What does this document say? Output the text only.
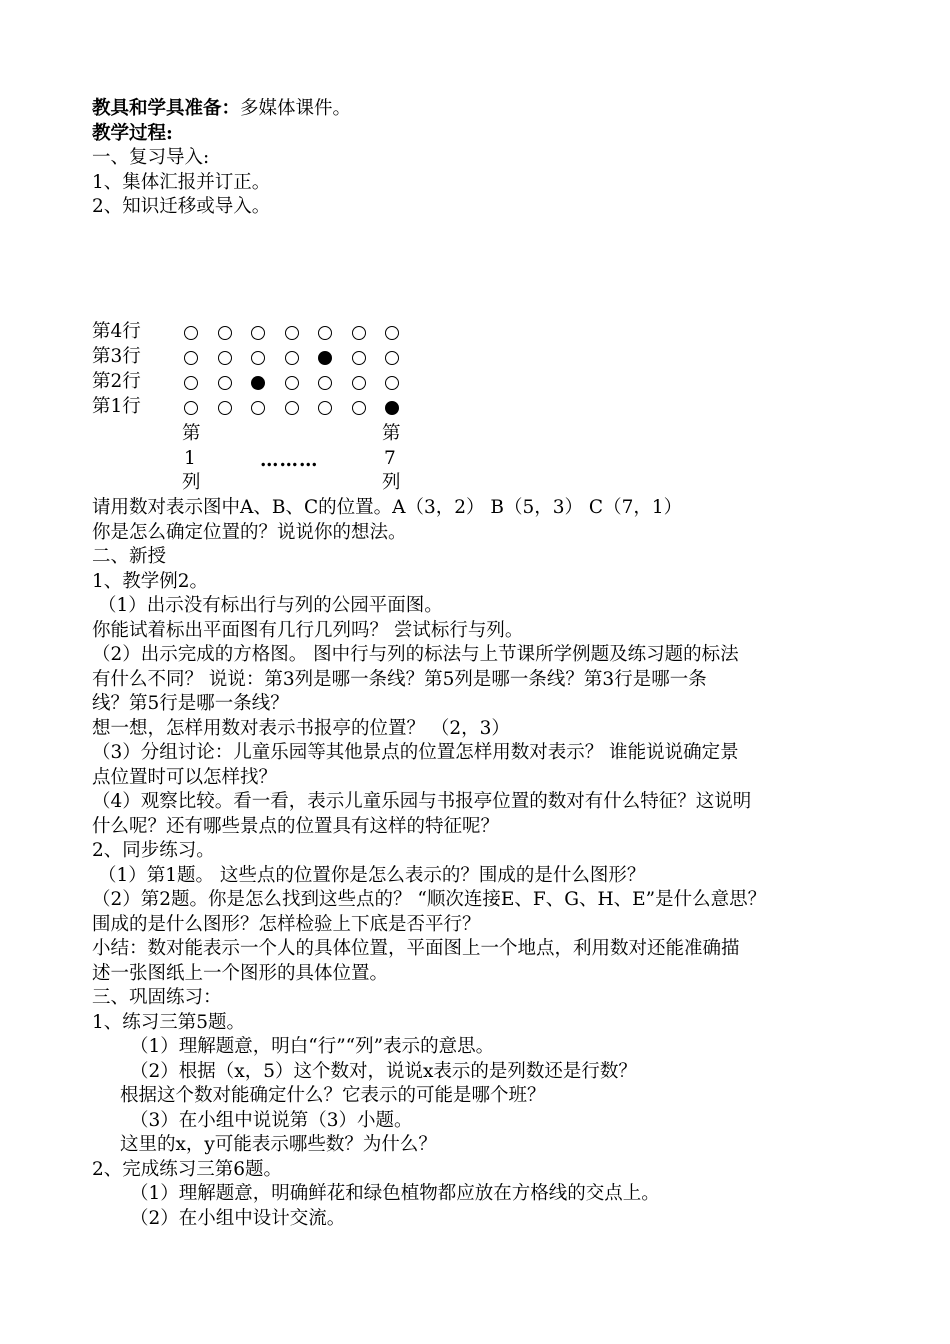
教具和学具准备：多媒体课件。
教学过程:
一、复习导入:
1、集体汇报并订正。
2、知识迁移或导入。
第4行
第3行
第2行
第1行
第
1
列
………
第
7
列
请用数对表示图中A、B、C的位置。A（3，2） B（5，3） C（7，1）
你是怎么确定位置的？说说你的想法。
二、新授
1、教学例2。
（1）出示没有标出行与列的公园平面图。
你能试着标出平面图有几行几列吗？ 尝试标行与列。
（2）出示完成的方格图。 图中行与列的标法与上节课所学例题及练习题的标法
有什么不同？ 说说：第3列是哪一条线？第5列是哪一条线？第3行是哪一条
线？第5行是哪一条线？
想一想，怎样用数对表示书报亭的位置？ （2，3）
（3）分组讨论：儿童乐园等其他景点的位置怎样用数对表示？ 谁能说说确定景
点位置时可以怎样找？
（4）观察比较。看一看，表示儿童乐园与书报亭位置的数对有什么特征？这说明
什么呢？还有哪些景点的位置具有这样的特征呢？
2、同步练习。
（1）第1题。 这些点的位置你是怎么表示的？围成的是什么图形？
（2）第2题。你是怎么找到这些点的？ “顺次连接E、F、G、H、E”是什么意思？
围成的是什么图形？怎样检验上下底是否平行？
小结：数对能表示一个人的具体位置，平面图上一个地点，利用数对还能准确描
述一张图纸上一个图形的具体位置。
三、巩固练习：
1、练习三第5题。
（1）理解题意，明白“行”“列”表示的意思。
（2）根据（x，5）这个数对，说说x表示的是列数还是行数？
根据这个数对能确定什么？它表示的可能是哪个班？
（3）在小组中说说第（3）小题。
这里的x，y可能表示哪些数？为什么？
2、完成练习三第6题。
（1）理解题意，明确鲜花和绿色植物都应放在方格线的交点上。
（2）在小组中设计交流。
